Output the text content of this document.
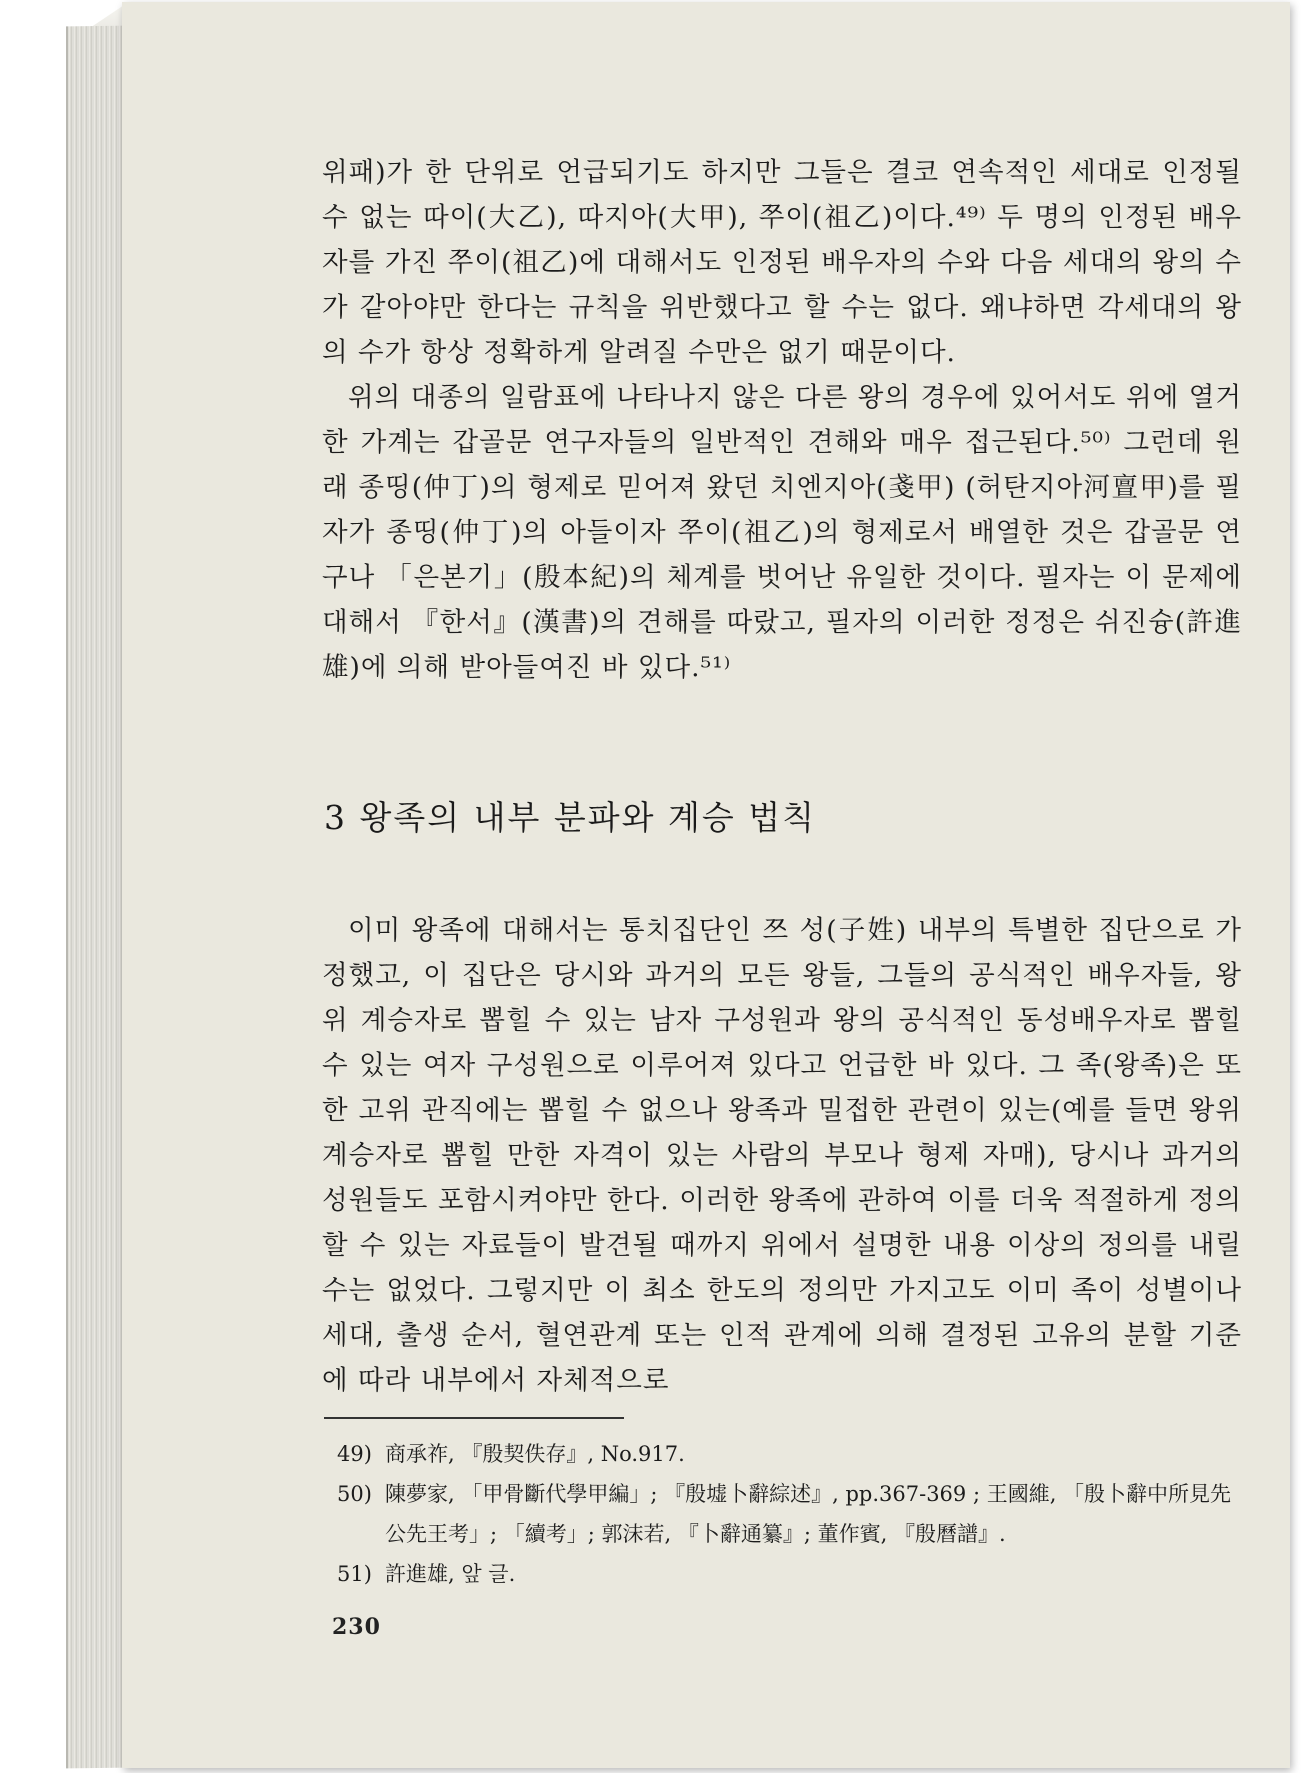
위패)가 한 단위로 언급되기도 하지만 그들은 결코 연속적인 세대로 인정될 수 없는 따이(大乙), 따지아(大甲), 쭈이(祖乙)이다.⁴⁹⁾ 두 명의 인정된 배우자를 가진 쭈이(祖乙)에 대해서도 인정된 배우자의 수와 다음 세대의 왕의 수가 같아야만 한다는 규칙을 위반했다고 할 수는 없다. 왜냐하면 각세대의 왕의 수가 항상 정확하게 알려질 수만은 없기 때문이다.

위의 대종의 일람표에 나타나지 않은 다른 왕의 경우에 있어서도 위에 열거한 가계는 갑골문 연구자들의 일반적인 견해와 매우 접근된다.⁵⁰⁾ 그런데 원래 종띵(仲丁)의 형제로 믿어져 왔던 치엔지아(戔甲) (허탄지아河亶甲)를 필자가 종띵(仲丁)의 아들이자 쭈이(祖乙)의 형제로서 배열한 것은 갑골문 연구나 「은본기」(殷本紀)의 체계를 벗어난 유일한 것이다. 필자는 이 문제에 대해서 『한서』(漢書)의 견해를 따랐고, 필자의 이러한 정정은 쉬진슝(許進雄)에 의해 받아들여진 바 있다.⁵¹⁾

3 왕족의 내부 분파와 계승 법칙

이미 왕족에 대해서는 통치집단인 쯔 성(子姓) 내부의 특별한 집단으로 가정했고, 이 집단은 당시와 과거의 모든 왕들, 그들의 공식적인 배우자들, 왕위 계승자로 뽑힐 수 있는 남자 구성원과 왕의 공식적인 동성배우자로 뽑힐 수 있는 여자 구성원으로 이루어져 있다고 언급한 바 있다. 그 족(왕족)은 또한 고위 관직에는 뽑힐 수 없으나 왕족과 밀접한 관련이 있는(예를 들면 왕위 계승자로 뽑힐 만한 자격이 있는 사람의 부모나 형제 자매), 당시나 과거의 성원들도 포함시켜야만 한다. 이러한 왕족에 관하여 이를 더욱 적절하게 정의할 수 있는 자료들이 발견될 때까지 위에서 설명한 내용 이상의 정의를 내릴 수는 없었다. 그렇지만 이 최소 한도의 정의만 가지고도 이미 족이 성별이나 세대, 출생 순서, 혈연관계 또는 인적 관계에 의해 결정된 고유의 분할 기준에 따라 내부에서 자체적으로

49) 商承祚, 『殷契佚存』, No.917.
50) 陳夢家, 「甲骨斷代學甲編」; 『殷墟卜辭綜述』, pp.367-369 ; 王國維, 「殷卜辭中所見先公先王考」; 「續考」; 郭沫若, 『卜辭通纂』; 董作賓, 『殷曆譜』.
51) 許進雄, 앞 글.
230
